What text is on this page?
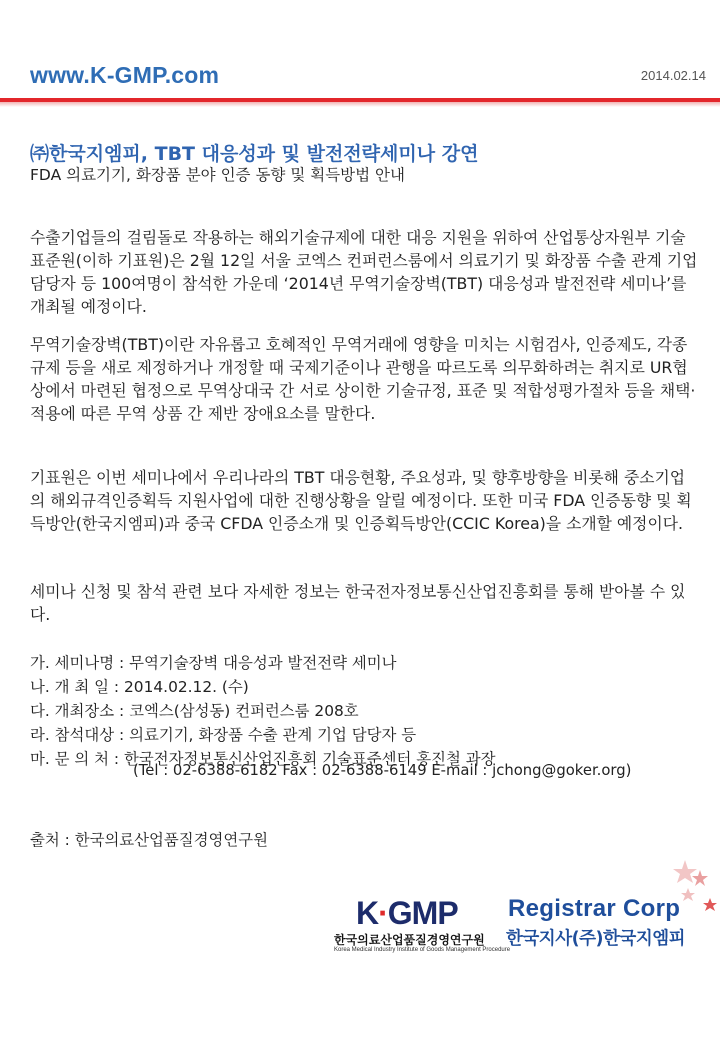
www.K-GMP.com	2014.02.14
㈜한국지엠피, TBT 대응성과 및 발전전략세미나 강연
FDA 의료기기, 화장품 분야 인증 동향 및 획득방법 안내

수출기업들의 걸림돌로 작용하는 해외기술규제에 대한 대응 지원을 위하여 산업통상자원부 기술표준원(이하 기표원)은 2월 12일 서울 코엑스 컨퍼런스룸에서 의료기기 및 화장품 수출 관계 기업 담당자 등 100여명이 참석한 가운데 ‘2014년 무역기술장벽(TBT) 대응성과 발전전략 세미나’를 개최될 예정이다.

무역기술장벽(TBT)이란 자유롭고 호혜적인 무역거래에 영향을 미치는 시험검사, 인증제도, 각종 규제 등을 새로 제정하거나 개정할 때 국제기준이나 관행을 따르도록 의무화하려는 취지로 UR협상에서 마련된 협정으로 무역상대국 간 서로 상이한 기술규정, 표준 및 적합성평가절차 등을 채택·적용에 따른 무역 상품 간 제반 장애요소를 말한다.

기표원은 이번 세미나에서 우리나라의 TBT 대응현황, 주요성과, 및 향후방향을 비롯해 중소기업의 해외규격인증획득 지원사업에 대한 진행상황을 알릴 예정이다. 또한 미국 FDA 인증동향 및 획득방안(한국지엠피)과 중국 CFDA 인증소개 및 인증획득방안(CCIC Korea)을 소개할 예정이다.

세미나 신청 및 참석 관련 보다 자세한 정보는 한국전자정보통신산업진흥회를 통해 받아볼 수 있다.

가. 세미나명 : 무역기술장벽 대응성과 발전전략 세미나
나. 개 최 일 : 2014.02.12. (수)
다. 개최장소 : 코엑스(삼성동) 컨퍼런스룸 208호
라. 참석대상 : 의료기기, 화장품 수출 관계 기업 담당자 등
마. 문 의 처 : 한국전자정보통신산업진흥회 기술표준센터 홍진철 과장
(Tel : 02-6388-6182 Fax : 02-6388-6149 E-mail : jchong@goker.org)
출처 : 한국의료산업품질경영연구원
K·GMP
한국의료산업품질경영연구원
Korea Medical Industry Institute of Goods Management Procedure
Registrar Corp
한국지사(주)한국지엠피
